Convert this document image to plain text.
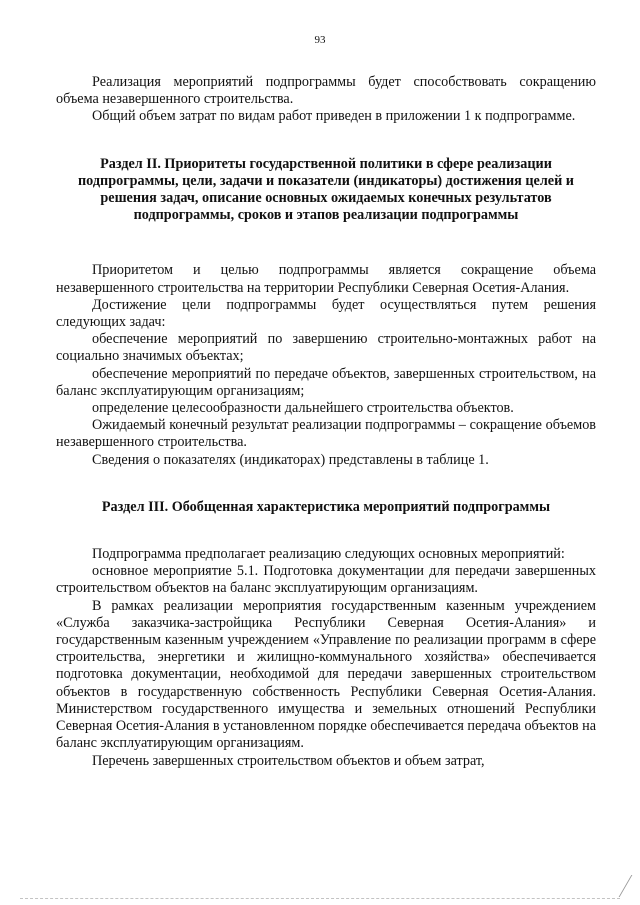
93

Реализация мероприятий подпрограммы будет способствовать сокращению объема незавершенного строительства.

Общий объем затрат по видам работ приведен в приложении 1 к подпрограмме.

Раздел II. Приоритеты государственной политики в сфере реализации подпрограммы, цели, задачи и показатели (индикаторы) достижения целей и решения задач, описание основных ожидаемых конечных результатов подпрограммы, сроков и этапов реализации подпрограммы

Приоритетом и целью подпрограммы является сокращение объема незавершенного строительства на территории Республики Северная Осетия-Алания.

Достижение цели подпрограммы будет осуществляться путем решения следующих задач:

обеспечение мероприятий по завершению строительно-монтажных работ на социально значимых объектах;

обеспечение мероприятий по передаче объектов, завершенных строительством, на баланс эксплуатирующим организациям;

определение целесообразности дальнейшего строительства объектов.

Ожидаемый конечный результат реализации подпрограммы – сокращение объемов незавершенного строительства.

Сведения о показателях (индикаторах) представлены в таблице 1.

Раздел III. Обобщенная характеристика мероприятий подпрограммы

Подпрограмма предполагает реализацию следующих основных мероприятий:

основное мероприятие 5.1. Подготовка документации для передачи завершенных строительством объектов на баланс эксплуатирующим организациям.

В рамках реализации мероприятия государственным казенным учреждением «Служба заказчика-застройщика Республики Северная Осетия-Алания» и государственным казенным учреждением «Управление по реализации программ в сфере строительства, энергетики и жилищно-коммунального хозяйства» обеспечивается подготовка документации, необходимой для передачи завершенных строительством объектов в государственную собственность Республики Северная Осетия-Алания. Министерством государственного имущества и земельных отношений Республики Северная Осетия-Алания в установленном порядке обеспечивается передача объектов на баланс эксплуатирующим организациям.

Перечень завершенных строительством объектов и объем затрат,
